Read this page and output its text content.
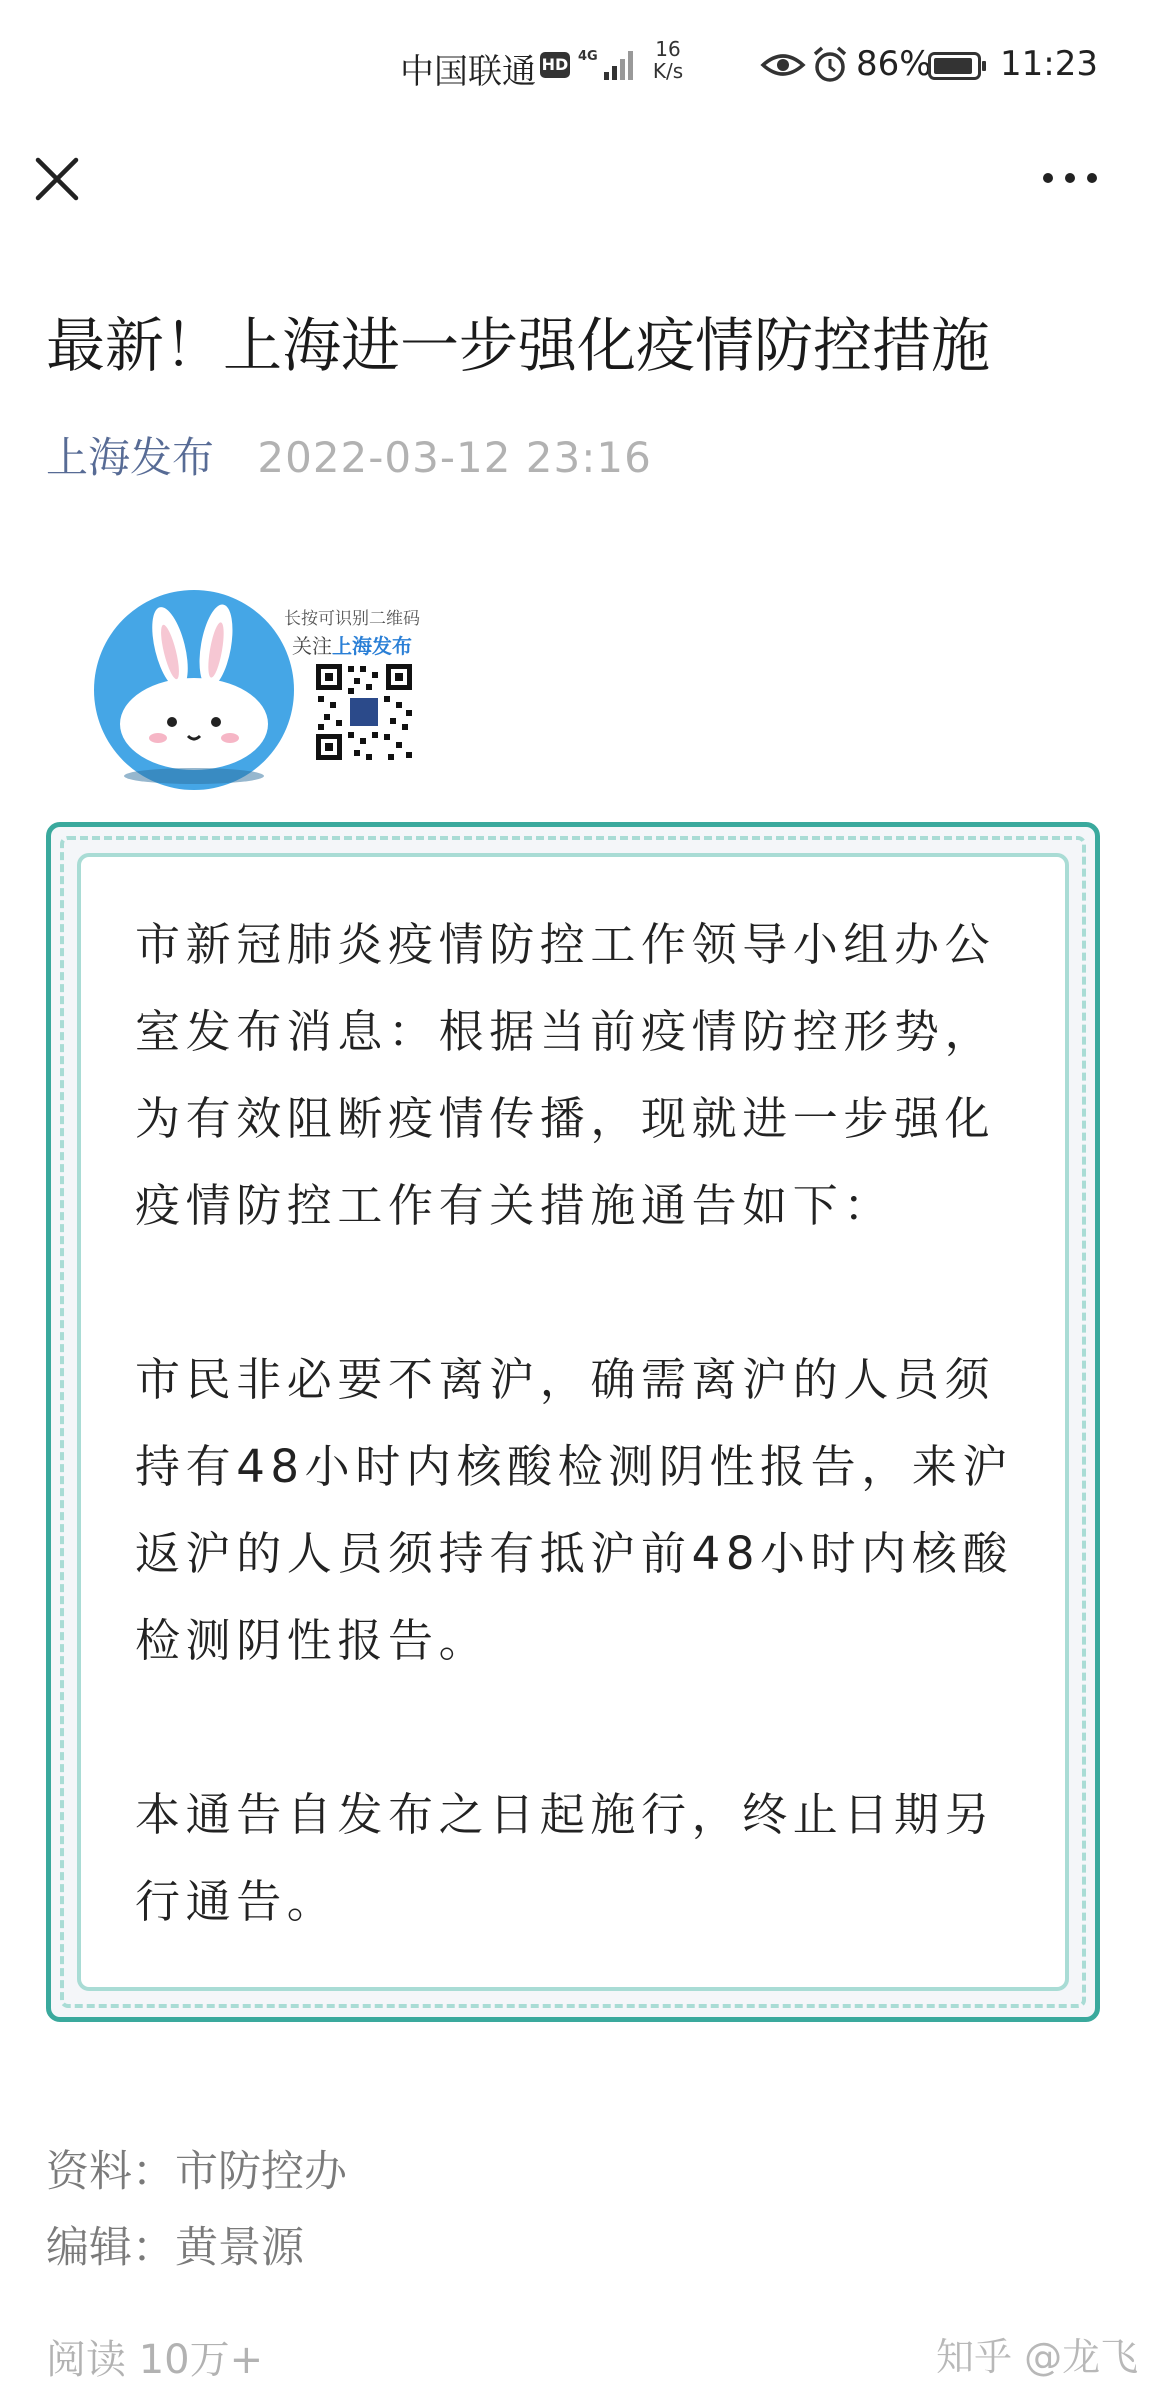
中国联通 HD 4G	16
K/s	86% 11:23
最新！上海进一步强化疫情防控措施
上海发布 2022-03-12 23:16
长按可识别二维码
关注上海发布

市新冠肺炎疫情防控工作领导小组办公室发布消息：根据当前疫情防控形势，为有效阻断疫情传播，现就进一步强化疫情防控工作有关措施通告如下：

市民非必要不离沪，确需离沪的人员须持有48小时内核酸检测阴性报告，来沪返沪的人员须持有抵沪前48小时内核酸检测阴性报告。

本通告自发布之日起施行，终止日期另行通告。

资料：市防控办
编辑：黄景源
阅读 10万+	知乎 @龙飞
